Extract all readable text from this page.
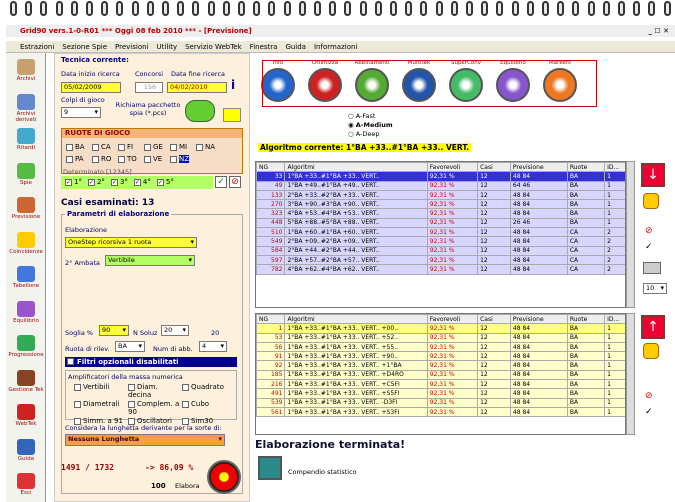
Grid90 vers.1-0-R01 *** Oggi 08 feb 2010 *** - [Previsione]	_ ☐ ✕
Estrazioni Sezione Spie Previsioni Utility Servizio WebTek Finestra Guida Informazioni
Archivi
Archivi derivati
Ritardi
Spie
Previsione
Coincidenze
Tabellone
Equilibrio
Progressione
Gestione Tek
WebTek
Guida
Esci
Tecnica corrente:
Data inizio ricerca
05/02/2009
Concorsi
156
Data fine ricerca
04/02/2010	i
Colpi di gioco
9 ▾
Richiama pacchetto spia (*.pcs)
RUOTE DI GIOCO
BA CA FI	GE MI	NAPA RO TO VE NZ
Determinato [12345]
✓ 1° ✓ 2° ✓ 3° ✓ 4° ✓ 5°	✓ ⊘
Casi esaminati: 13
Parametri di elaborazione
Elaborazione
OneStep ricorsiva 1 ruota ▾
2° Ambata	Vertibile ▾
Soglia %	90 ▾	N Soluz	20 ▾	20
Ruota di rilev.	BA ▾	Num di abb.	4 ▾
Filtri opzionali disabilitati
Amplificatori della massa numerica
Vertibili	Diam. decina
Quadrato
Diametrali	Complem. a 90
Cubo
Simm. a 91	Oscillatori	Sim30
Considera la lunghetta derivante per la sorte di:
Nessuna Lunghetta ▾
1491 / 1732	-> 86,09 %
100 Elabora
Info	Ottimizza	Abbinamenti	MultiTek	SuperConv	Equilibrio	Markers
○ A-Fast
◉ A-Medium
○ A-Deep
Algoritmo corrente: 1°BA +33..#1°BA +33.. VERT.
NG	Algoritmi	Favorevoli	Casi	Previsione	Ruote	ID...
33	1°BA +33..#1°BA +33.. VERT..	92,31 %	12	48 84	BA	1
49	1°BA +49..#1°BA +49.. VERT..	92,31 %	12	64 46	BA	1
133	2°BA +33..#2°BA +33.. VERT..	92,31 %	12	48 84	BA	1
270	3°BA +90..#3°BA +90.. VERT..	92,31 %	12	48 84	BA	1
323	4°BA +53..#4°BA +53.. VERT..	92,31 %	12	48 84	BA	1
448	5°BA +88..#5°BA +88.. VERT..	92,31 %	12	26 46	BA	1
510	1°BA +60..#1°BA +60.. VERT..	92,31 %	12	48 84	CA	2
549	2°BA +09..#2°BA +09.. VERT..	92,31 %	12	48 84	CA	2
584	2°BA +44..#2°BA +44.. VERT..	92,31 %	12	48 84	CA	2
597	2°BA +57..#2°BA +57.. VERT..	92,31 %	12	48 84	CA	2
782	4°BA +62..#4°BA +62.. VERT..	92,31 %	12	48 84	CA	2
NG	Algoritmi	Favorevoli	Casi	Previsione	Ruote	ID...
1	1°BA +33..#1°BA +33.. VERT.. +00..	92,31 %	12	48 84	BA	1
53	1°BA +33..#1°BA +33.. VERT.. +52..	92,31 %	12	48 84	BA	1
56	1°BA +33..#1°BA +33.. VERT.. +55..	92,31 %	12	48 84	BA	1
91	1°BA +33..#1°BA +33.. VERT.. +90..	92,31 %	12	48 84	BA	1
92	1°BA +33..#1°BA +33.. VERT.. +1°BA	92,31 %	12	48 84	BA	1
185	1°BA +33..#1°BA +33.. VERT.. +D4RO	92,31 %	12	48 84	BA	1
216	1°BA +33..#1°BA +33.. VERT.. +C5FI	92,31 %	12	48 84	BA	1
491	1°BA +33..#1°BA +33.. VERT.. +S5FI	92,31 %	12	48 84	BA	1
539	1°BA +33..#1°BA +33.. VERT.. -D3FI	92,31 %	12	48 84	BA	1
561	1°BA +33..#1°BA +33.. VERT.. +S3FI	92,31 %	12	48 84	BA	1
↓
⊘
✓
10 ▾
↑
⊘
✓
Elaborazione terminata!
Compendio statistico
